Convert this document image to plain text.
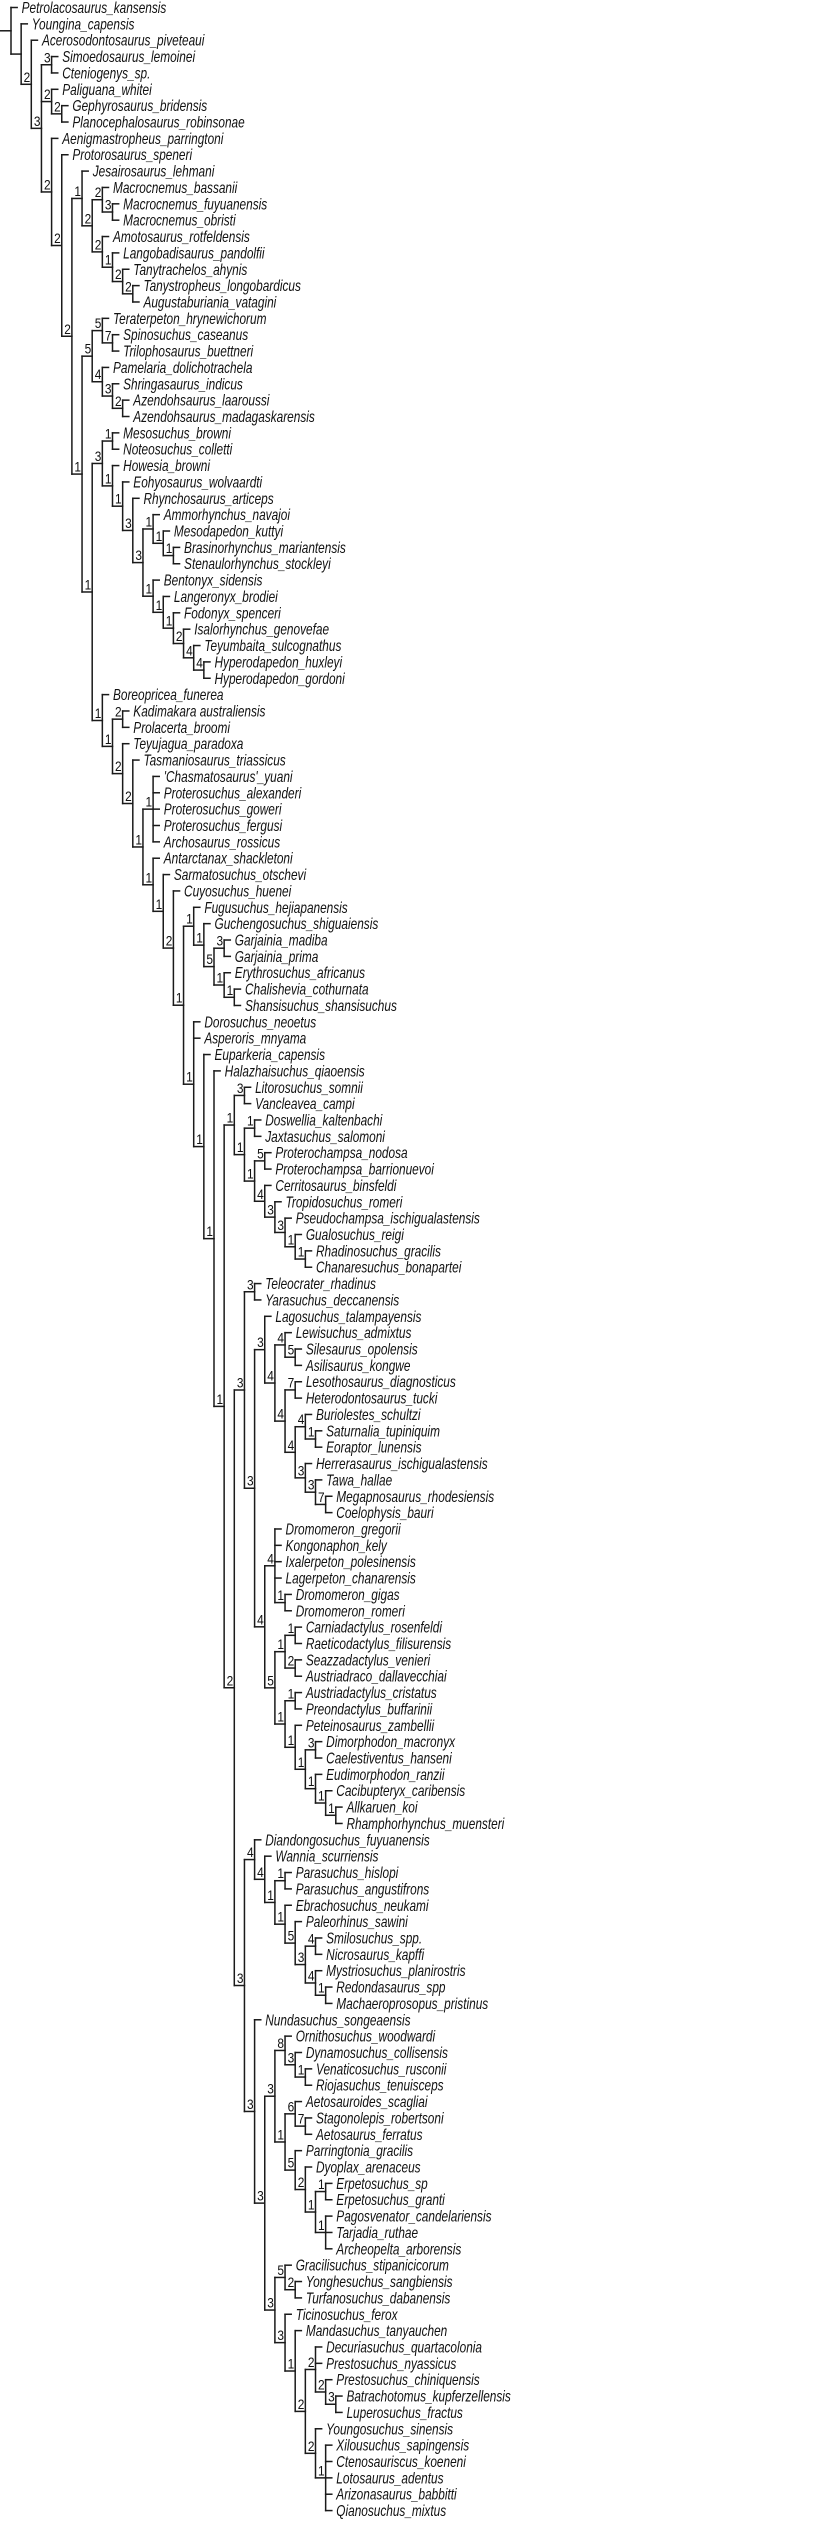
2
3
3
2
2
2
2
2
1
2
2
3
2
1
2
2
1
5
5
7
4
3
2
1
3
1
1
1
3
3
1
1
1
1
1
1
2
4
4
1
1
2
2
2
1
1
1
1
2
1
1
1
5
3
1
1
1
1
1
1
1
3
1
1
1
5
4
3
3
1
1
2
3
3
3
3
4
4
5
4
7
4
4
1
3
3
7
4
4
1
5
1
1
2
1
1
1
1
3
1
1
1
3
4
4
1
1
1
5
3
4
4
1
3
3
3
8
3
1
1
6
7
5
2
1
1
1
3
5
2
3
1
2
2
2
3
2
1
Petrolacosaurus_kansensis
Youngina_capensis
Acerosodontosaurus_piveteaui
Simoedosaurus_lemoinei
Cteniogenys_sp.
Paliguana_whitei
Gephyrosaurus_bridensis
Planocephalosaurus_robinsonae
Aenigmastropheus_parringtoni
Protorosaurus_speneri
Jesairosaurus_lehmani
Macrocnemus_bassanii
Macrocnemus_fuyuanensis
Macrocnemus_obristi
Amotosaurus_rotfeldensis
Langobadisaurus_pandolfii
Tanytrachelos_ahynis
Tanystropheus_longobardicus
Augustaburiania_vatagini
Teraterpeton_hrynewichorum
Spinosuchus_caseanus
Trilophosaurus_buettneri
Pamelaria_dolichotrachela
Shringasaurus_indicus
Azendohsaurus_laaroussi
Azendohsaurus_madagaskarensis
Mesosuchus_browni
Noteosuchus_colletti
Howesia_browni
Eohyosaurus_wolvaardti
Rhynchosaurus_articeps
Ammorhynchus_navajoi
Mesodapedon_kuttyi
Brasinorhynchus_mariantensis
Stenaulorhynchus_stockleyi
Bentonyx_sidensis
Langeronyx_brodiei
Fodonyx_spenceri
Isalorhynchus_genovefae
Teyumbaita_sulcognathus
Hyperodapedon_huxleyi
Hyperodapedon_gordoni
Boreopricea_funerea
Kadimakara australiensis
Prolacerta_broomi
Teyujagua_paradoxa
Tasmaniosaurus_triassicus
'Chasmatosaurus'_yuani
Proterosuchus_alexanderi
Proterosuchus_goweri
Proterosuchus_fergusi
Archosaurus_rossicus
Antarctanax_shackletoni
Sarmatosuchus_otschevi
Cuyosuchus_huenei
Fugusuchus_hejiapanensis
Guchengosuchus_shiguaiensis
Garjainia_madiba
Garjainia_prima
Erythrosuchus_africanus
Chalishevia_cothurnata
Shansisuchus_shansisuchus
Dorosuchus_neoetus
Asperoris_mnyama
Euparkeria_capensis
Halazhaisuchus_qiaoensis
Litorosuchus_somnii
Vancleavea_campi
Doswellia_kaltenbachi
Jaxtasuchus_salomoni
Proterochampsa_nodosa
Proterochampsa_barrionuevoi
Cerritosaurus_binsfeldi
Tropidosuchus_romeri
Pseudochampsa_ischigualastensis
Gualosuchus_reigi
Rhadinosuchus_gracilis
Chanaresuchus_bonapartei
Teleocrater_rhadinus
Yarasuchus_deccanensis
Lagosuchus_talampayensis
Lewisuchus_admixtus
Silesaurus_opolensis
Asilisaurus_kongwe
Lesothosaurus_diagnosticus
Heterodontosaurus_tucki
Buriolestes_schultzi
Saturnalia_tupiniquim
Eoraptor_lunensis
Herrerasaurus_ischigualastensis
Tawa_hallae
Megapnosaurus_rhodesiensis
Coelophysis_bauri
Dromomeron_gregorii
Kongonaphon_kely
Ixalerpeton_polesinensis
Lagerpeton_chanarensis
Dromomeron_gigas
Dromomeron_romeri
Carniadactylus_rosenfeldi
Raeticodactylus_filisurensis
Seazzadactylus_venieri
Austriadraco_dallavecchiai
Austriadactylus_cristatus
Preondactylus_buffarinii
Peteinosaurus_zambellii
Dimorphodon_macronyx
Caelestiventus_hanseni
Eudimorphodon_ranzii
Cacibupteryx_caribensis
Allkaruen_koi
Rhamphorhynchus_muensteri
Diandongosuchus_fuyuanensis
Wannia_scurriensis
Parasuchus_hislopi
Parasuchus_angustifrons
Ebrachosuchus_neukami
Paleorhinus_sawini
Smilosuchus_spp.
Nicrosaurus_kapffi
Mystriosuchus_planirostris
Redondasaurus_spp
Machaeroprosopus_pristinus
Nundasuchus_songeaensis
Ornithosuchus_woodwardi
Dynamosuchus_collisensis
Venaticosuchus_rusconii
Riojasuchus_tenuisceps
Aetosauroides_scagliai
Stagonolepis_robertsoni
Aetosaurus_ferratus
Parringtonia_gracilis
Dyoplax_arenaceus
Erpetosuchus_sp
Erpetosuchus_granti
Pagosvenator_candelariensis
Tarjadia_ruthae
Archeopelta_arborensis
Gracilisuchus_stipanicicorum
Yonghesuchus_sangbiensis
Turfanosuchus_dabanensis
Ticinosuchus_ferox
Mandasuchus_tanyauchen
Decuriasuchus_quartacolonia
Prestosuchus_nyassicus
Prestosuchus_chiniquensis
Batrachotomus_kupferzellensis
Luperosuchus_fractus
Youngosuchus_sinensis
Xilousuchus_sapingensis
Ctenosauriscus_koeneni
Lotosaurus_adentus
Arizonasaurus_babbitti
Qianosuchus_mixtus
